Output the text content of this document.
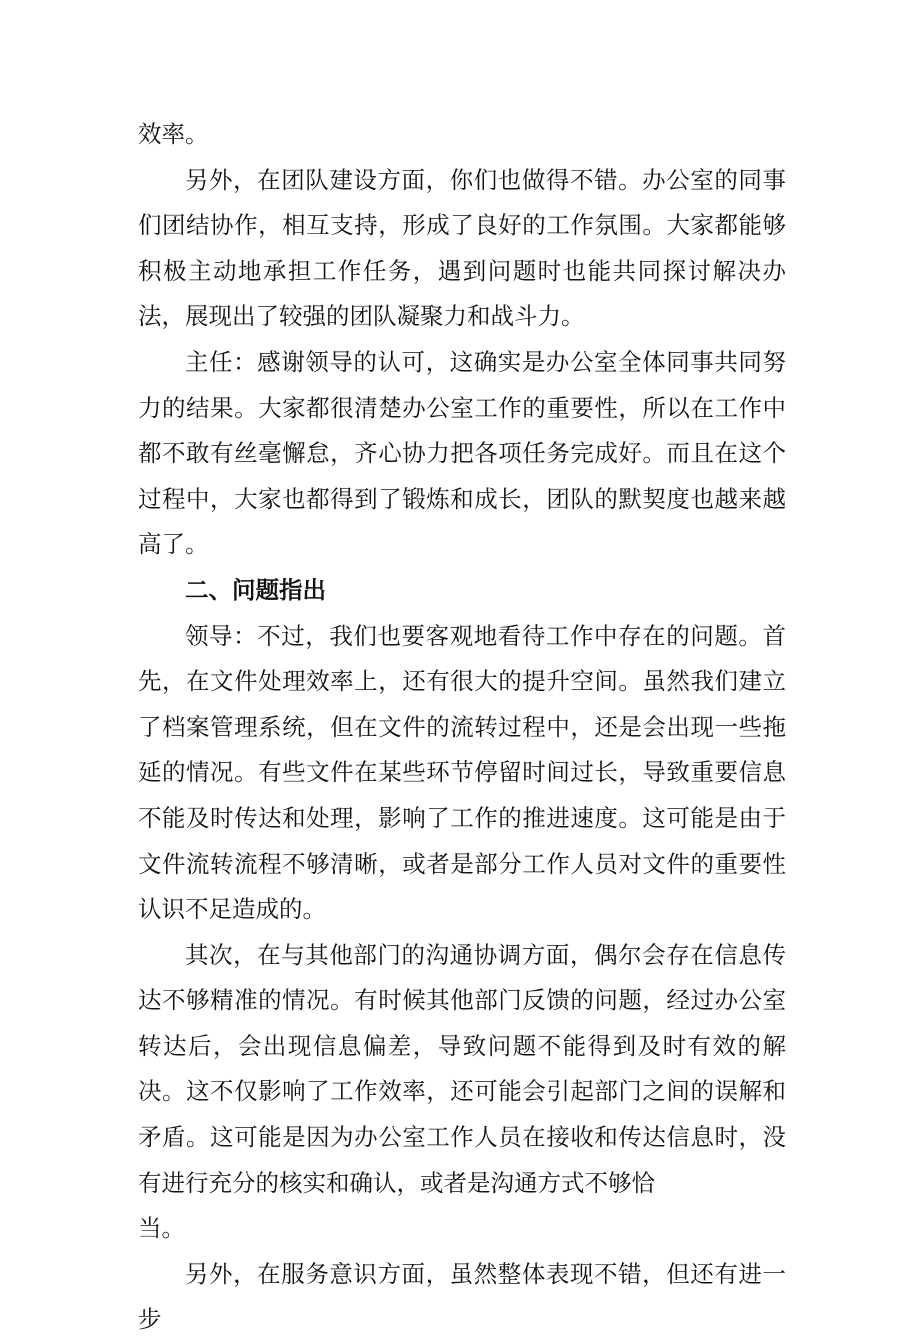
效率。

另外，在团队建设方面，你们也做得不错。办公室的同事们团结协作，相互支持，形成了良好的工作氛围。大家都能够积极主动地承担工作任务，遇到问题时也能共同探讨解决办法，展现出了较强的团队凝聚力和战斗力。

主任：感谢领导的认可，这确实是办公室全体同事共同努力的结果。大家都很清楚办公室工作的重要性，所以在工作中都不敢有丝毫懈怠，齐心协力把各项任务完成好。而且在这个过程中，大家也都得到了锻炼和成长，团队的默契度也越来越高了。

二、问题指出

领导：不过，我们也要客观地看待工作中存在的问题。首先，在文件处理效率上，还有很大的提升空间。虽然我们建立了档案管理系统，但在文件的流转过程中，还是会出现一些拖延的情况。有些文件在某些环节停留时间过长，导致重要信息不能及时传达和处理，影响了工作的推进速度。这可能是由于文件流转流程不够清晰，或者是部分工作人员对文件的重要性认识不足造成的。

其次，在与其他部门的沟通协调方面，偶尔会存在信息传达不够精准的情况。有时候其他部门反馈的问题，经过办公室转达后，会出现信息偏差，导致问题不能得到及时有效的解决。这不仅影响了工作效率，还可能会引起部门之间的误解和矛盾。这可能是因为办公室工作人员在接收和传达信息时，没有进行充分的核实和确认，或者是沟通方式不够恰

当。

另外，在服务意识方面，虽然整体表现不错，但还有进一步
